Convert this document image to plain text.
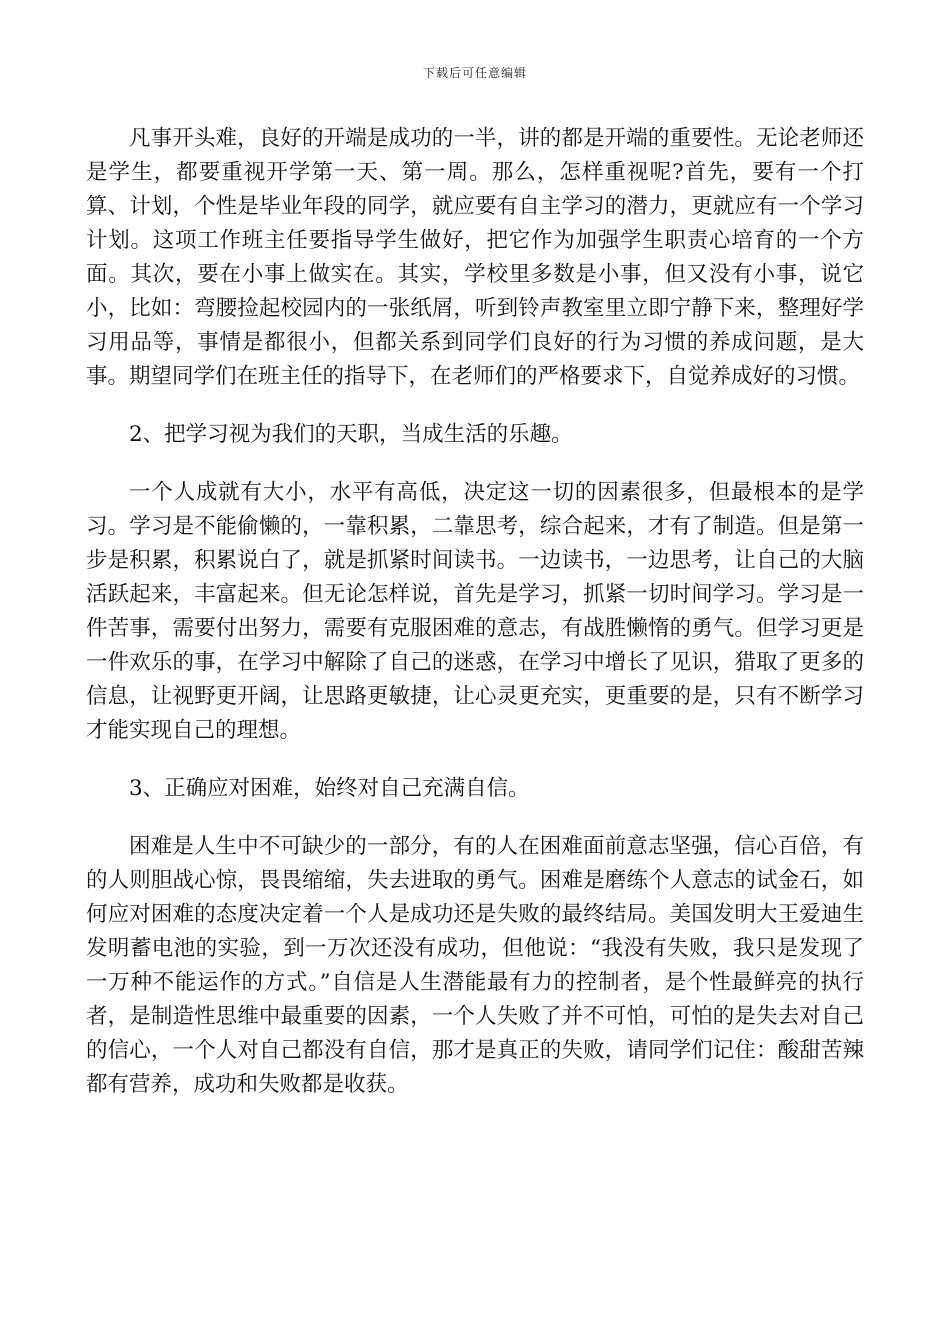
下载后可任意编辑

凡事开头难，良好的开端是成功的一半，讲的都是开端的重要性。无论老师还是学生，都要重视开学第一天、第一周。那么，怎样重视呢?首先，要有一个打算、计划，个性是毕业年段的同学，就应要有自主学习的潜力，更就应有一个学习计划。这项工作班主任要指导学生做好，把它作为加强学生职责心培育的一个方面。其次，要在小事上做实在。其实，学校里多数是小事，但又没有小事，说它小，比如：弯腰捡起校园内的一张纸屑，听到铃声教室里立即宁静下来，整理好学习用品等，事情是都很小，但都关系到同学们良好的行为习惯的养成问题，是大事。期望同学们在班主任的指导下，在老师们的严格要求下，自觉养成好的习惯。

2、把学习视为我们的天职，当成生活的乐趣。

一个人成就有大小，水平有高低，决定这一切的因素很多，但最根本的是学习。学习是不能偷懒的，一靠积累，二靠思考，综合起来，才有了制造。但是第一步是积累，积累说白了，就是抓紧时间读书。一边读书，一边思考，让自己的大脑活跃起来，丰富起来。但无论怎样说，首先是学习，抓紧一切时间学习。学习是一件苦事，需要付出努力，需要有克服困难的意志，有战胜懒惰的勇气。但学习更是一件欢乐的事，在学习中解除了自己的迷惑，在学习中增长了见识，猎取了更多的信息，让视野更开阔，让思路更敏捷，让心灵更充实，更重要的是，只有不断学习才能实现自己的理想。

3、正确应对困难，始终对自己充满自信。

困难是人生中不可缺少的一部分，有的人在困难面前意志坚强，信心百倍，有的人则胆战心惊，畏畏缩缩，失去进取的勇气。困难是磨练个人意志的试金石，如何应对困难的态度决定着一个人是成功还是失败的最终结局。美国发明大王爱迪生发明蓄电池的实验，到一万次还没有成功，但他说：“我没有失败，我只是发现了一万种不能运作的方式。”自信是人生潜能最有力的控制者，是个性最鲜亮的执行者，是制造性思维中最重要的因素，一个人失败了并不可怕，可怕的是失去对自己的信心，一个人对自己都没有自信，那才是真正的失败，请同学们记住：酸甜苦辣都有营养，成功和失败都是收获。
